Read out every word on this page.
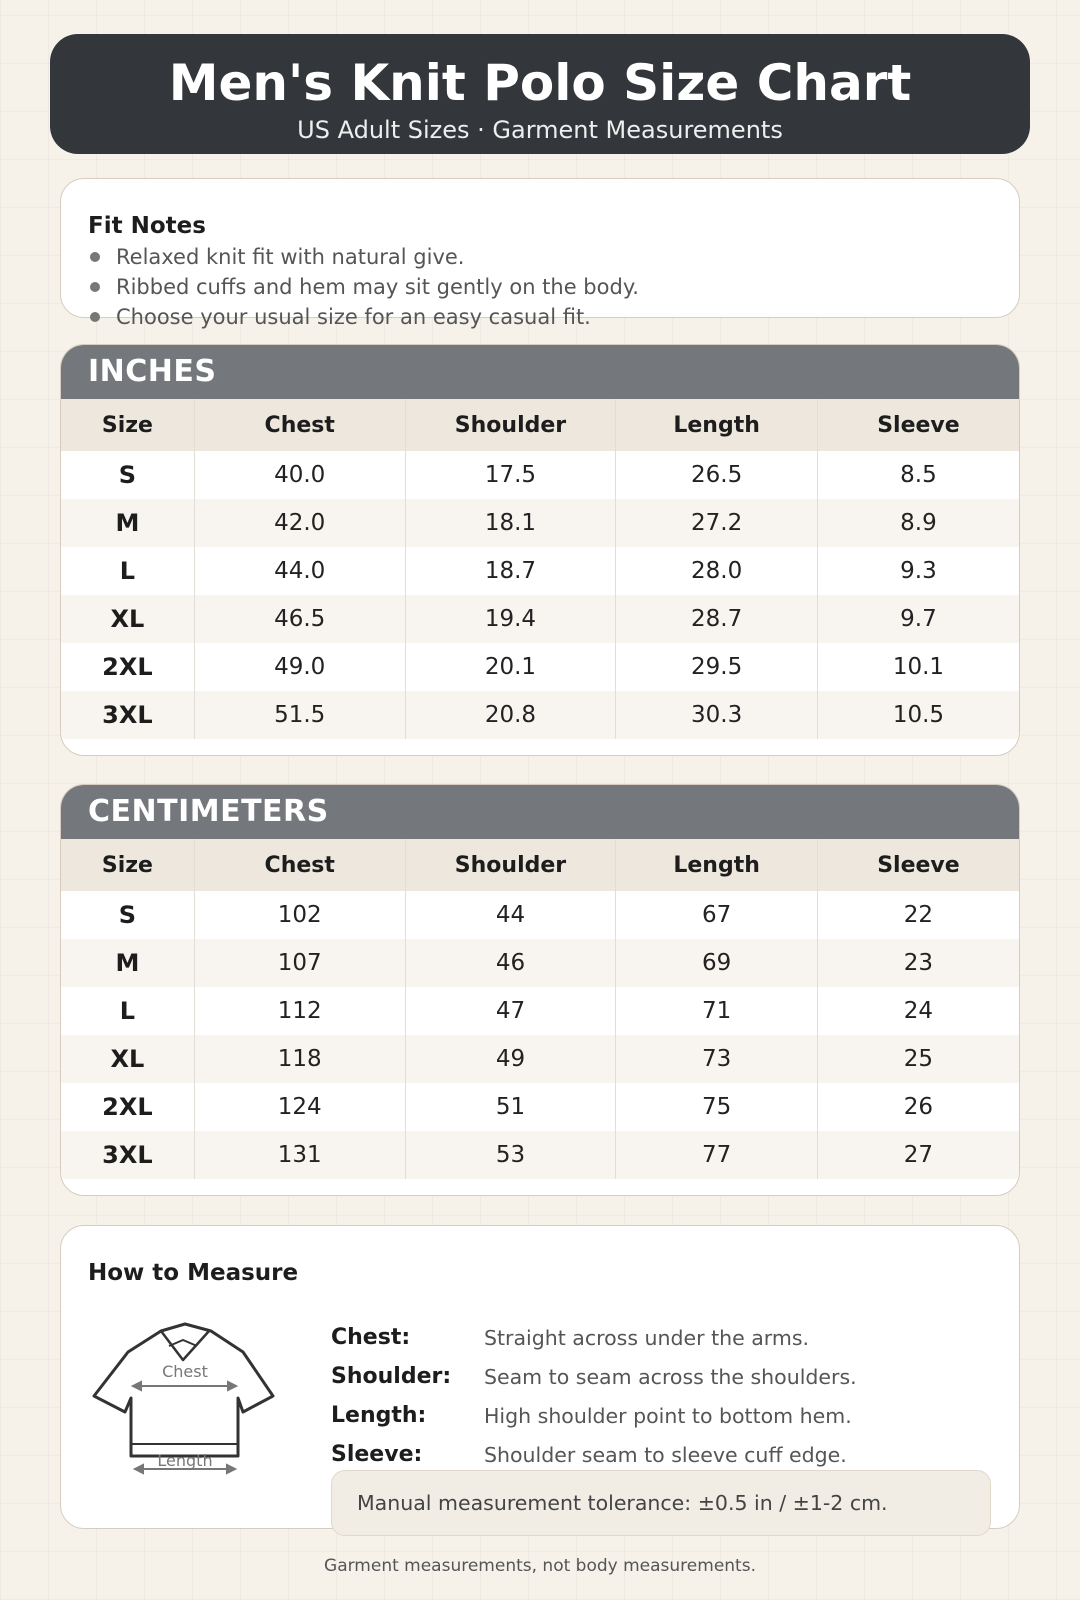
Men's Knit Polo Size Chart
US Adult Sizes · Garment Measurements
Fit Notes
Relaxed knit fit with natural give.
Ribbed cuffs and hem may sit gently on the body.
Choose your usual size for an easy casual fit.
INCHES
Size	Chest	Shoulder	Length	Sleeve
S	40.0	17.5	26.5	8.5
M	42.0	18.1	27.2	8.9
L	44.0	18.7	28.0	9.3
XL	46.5	19.4	28.7	9.7
2XL	49.0	20.1	29.5	10.1
3XL	51.5	20.8	30.3	10.5
CENTIMETERS
Size	Chest	Shoulder	Length	Sleeve
S	102	44	67	22
M	107	46	69	23
L	112	47	71	24
XL	118	49	73	25
2XL	124	51	75	26
3XL	131	53	77	27
How to Measure
Chest
Length
Chest:	Straight across under the arms.
Shoulder:	Seam to seam across the shoulders.
Length:	High shoulder point to bottom hem.
Sleeve:	Shoulder seam to sleeve cuff edge.
Manual measurement tolerance: ±0.5 in / ±1-2 cm.
Garment measurements, not body measurements.
